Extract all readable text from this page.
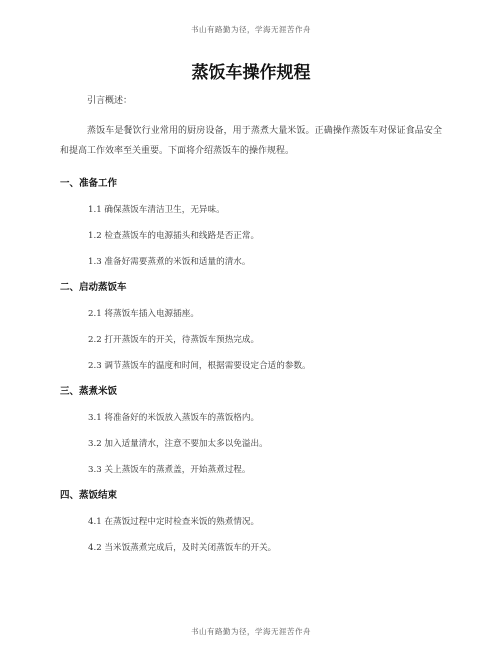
书山有路勤为径，学海无涯苦作舟
蒸饭车操作规程

引言概述：

蒸饭车是餐饮行业常用的厨房设备，用于蒸煮大量米饭。正确操作蒸饭车对保证食品安全和提高工作效率至关重要。下面将介绍蒸饭车的操作规程。

一、准备工作

1.1 确保蒸饭车清洁卫生，无异味。

1.2 检查蒸饭车的电源插头和线路是否正常。

1.3 准备好需要蒸煮的米饭和适量的清水。

二、启动蒸饭车

2.1 将蒸饭车插入电源插座。

2.2 打开蒸饭车的开关，待蒸饭车预热完成。

2.3 调节蒸饭车的温度和时间，根据需要设定合适的参数。

三、蒸煮米饭

3.1 将准备好的米饭放入蒸饭车的蒸饭格内。

3.2 加入适量清水，注意不要加太多以免溢出。

3.3 关上蒸饭车的蒸煮盖，开始蒸煮过程。

四、蒸饭结束

4.1 在蒸饭过程中定时检查米饭的熟煮情况。

4.2 当米饭蒸煮完成后，及时关闭蒸饭车的开关。

书山有路勤为径，学海无涯苦作舟
